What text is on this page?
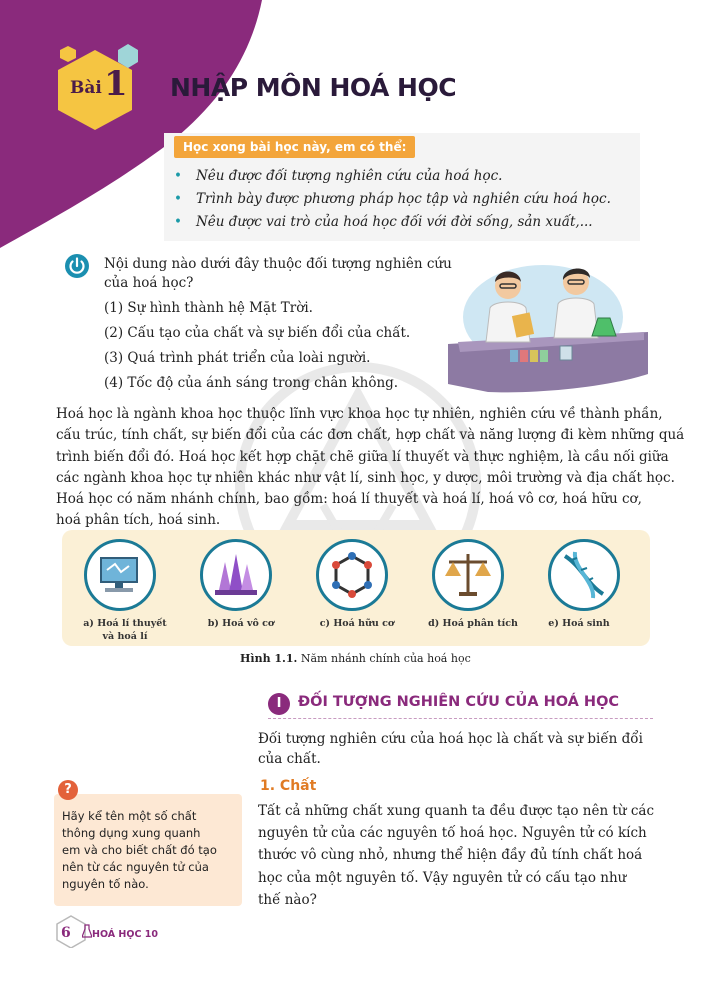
Bài 1 NHẬP MÔN HOÁ HỌC
Học xong bài học này, em có thể:
• Nêu được đối tượng nghiên cứu của hoá học.
• Trình bày được phương pháp học tập và nghiên cứu hoá học.
• Nêu được vai trò của hoá học đối với đời sống, sản xuất,...
Nội dung nào dưới đây thuộc đối tượng nghiên cứu
của hoá học?
(1) Sự hình thành hệ Mặt Trời.
(2) Cấu tạo của chất và sự biến đổi của chất.
(3) Quá trình phát triển của loài người.
(4) Tốc độ của ánh sáng trong chân không.
Hoá học là ngành khoa học thuộc lĩnh vực khoa học tự nhiên, nghiên cứu về thành phần,
cấu trúc, tính chất, sự biến đổi của các đơn chất, hợp chất và năng lượng đi kèm những quá
trình biến đổi đó. Hoá học kết hợp chặt chẽ giữa lí thuyết và thực nghiệm, là cầu nối giữa
các ngành khoa học tự nhiên khác như vật lí, sinh học, y dược, môi trường và địa chất học.
Hoá học có năm nhánh chính, bao gồm: hoá lí thuyết và hoá lí, hoá vô cơ, hoá hữu cơ,
hoá phân tích, hoá sinh.
a) Hoá lí thuyết
và hoá lí
b) Hoá vô cơ	c) Hoá hữu cơ	d) Hoá phân tích	e) Hoá sinh
Hình 1.1. Năm nhánh chính của hoá học
I	ĐỐI TƯỢNG NGHIÊN CỨU CỦA HOÁ HỌC
Đối tượng nghiên cứu của hoá học là chất và sự biến đổi
của chất.
1. Chất
Tất cả những chất xung quanh ta đều được tạo nên từ các
nguyên tử của các nguyên tố hoá học. Nguyên tử có kích
thước vô cùng nhỏ, nhưng thể hiện đầy đủ tính chất hoá
học của một nguyên tố. Vậy nguyên tử có cấu tạo như
thế nào?
?
Hãy kể tên một số chất
thông dụng xung quanh
em và cho biết chất đó tạo
nên từ các nguyên tử của
nguyên tố nào.
6 HOÁ HỌC 10
